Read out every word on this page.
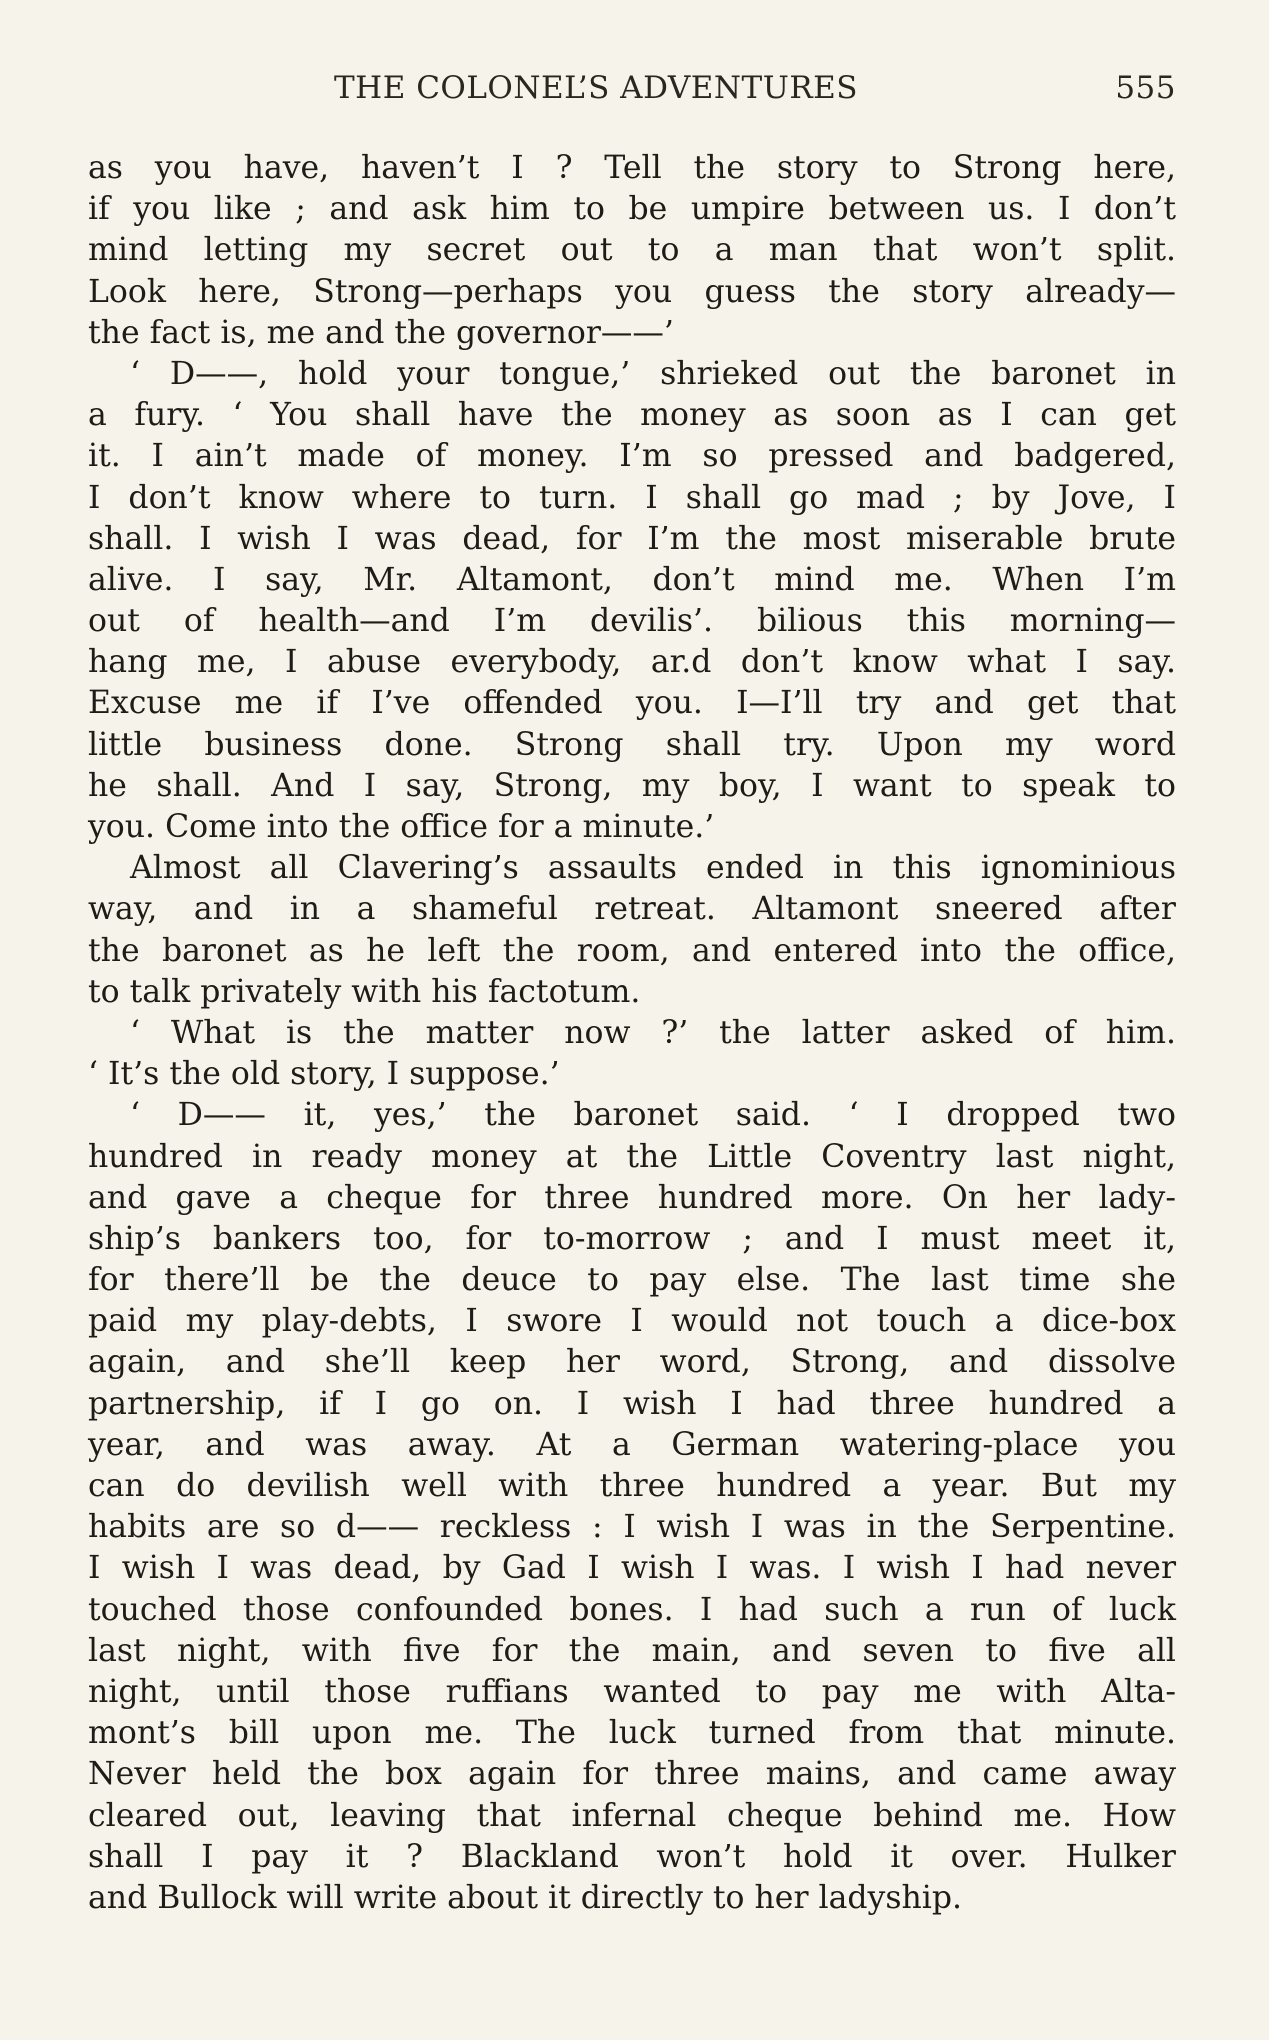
THE COLONEL’S ADVENTURES	555
as you have, haven’t I ? Tell the story to Strong here,
if you like ; and ask him to be umpire between us. I don’t
mind letting my secret out to a man that won’t split.
Look here, Strong—perhaps you guess the story already—
the fact is, me and the governor——’
‘ D——, hold your tongue,’ shrieked out the baronet in
a fury. ‘ You shall have the money as soon as I can get
it. I ain’t made of money. I’m so pressed and badgered,
I don’t know where to turn. I shall go mad ; by Jove, I
shall. I wish I was dead, for I’m the most miserable brute
alive. I say, Mr. Altamont, don’t mind me. When I’m
out of health—and I’m devilis’. bilious this morning—
hang me, I abuse everybody, ar.d don’t know what I say.
Excuse me if I’ve offended you. I—I’ll try and get that
little business done. Strong shall try. Upon my word
he shall. And I say, Strong, my boy, I want to speak to
you. Come into the office for a minute.’
Almost all Clavering’s assaults ended in this ignominious
way, and in a shameful retreat. Altamont sneered after
the baronet as he left the room, and entered into the office,
to talk privately with his factotum.
‘ What is the matter now ?’ the latter asked of him.
‘ It’s the old story, I suppose.’
‘ D—— it, yes,’ the baronet said. ‘ I dropped two
hundred in ready money at the Little Coventry last night,
and gave a cheque for three hundred more. On her lady-
ship’s bankers too, for to-morrow ; and I must meet it,
for there’ll be the deuce to pay else. The last time she
paid my play-debts, I swore I would not touch a dice-box
again, and she’ll keep her word, Strong, and dissolve
partnership, if I go on. I wish I had three hundred a
year, and was away. At a German watering-place you
can do devilish well with three hundred a year. But my
habits are so d—— reckless : I wish I was in the Serpentine.
I wish I was dead, by Gad I wish I was. I wish I had never
touched those confounded bones. I had such a run of luck
last night, with five for the main, and seven to five all
night, until those ruffians wanted to pay me with Alta-
mont’s bill upon me. The luck turned from that minute.
Never held the box again for three mains, and came away
cleared out, leaving that infernal cheque behind me. How
shall I pay it ? Blackland won’t hold it over. Hulker
and Bullock will write about it directly to her ladyship.
